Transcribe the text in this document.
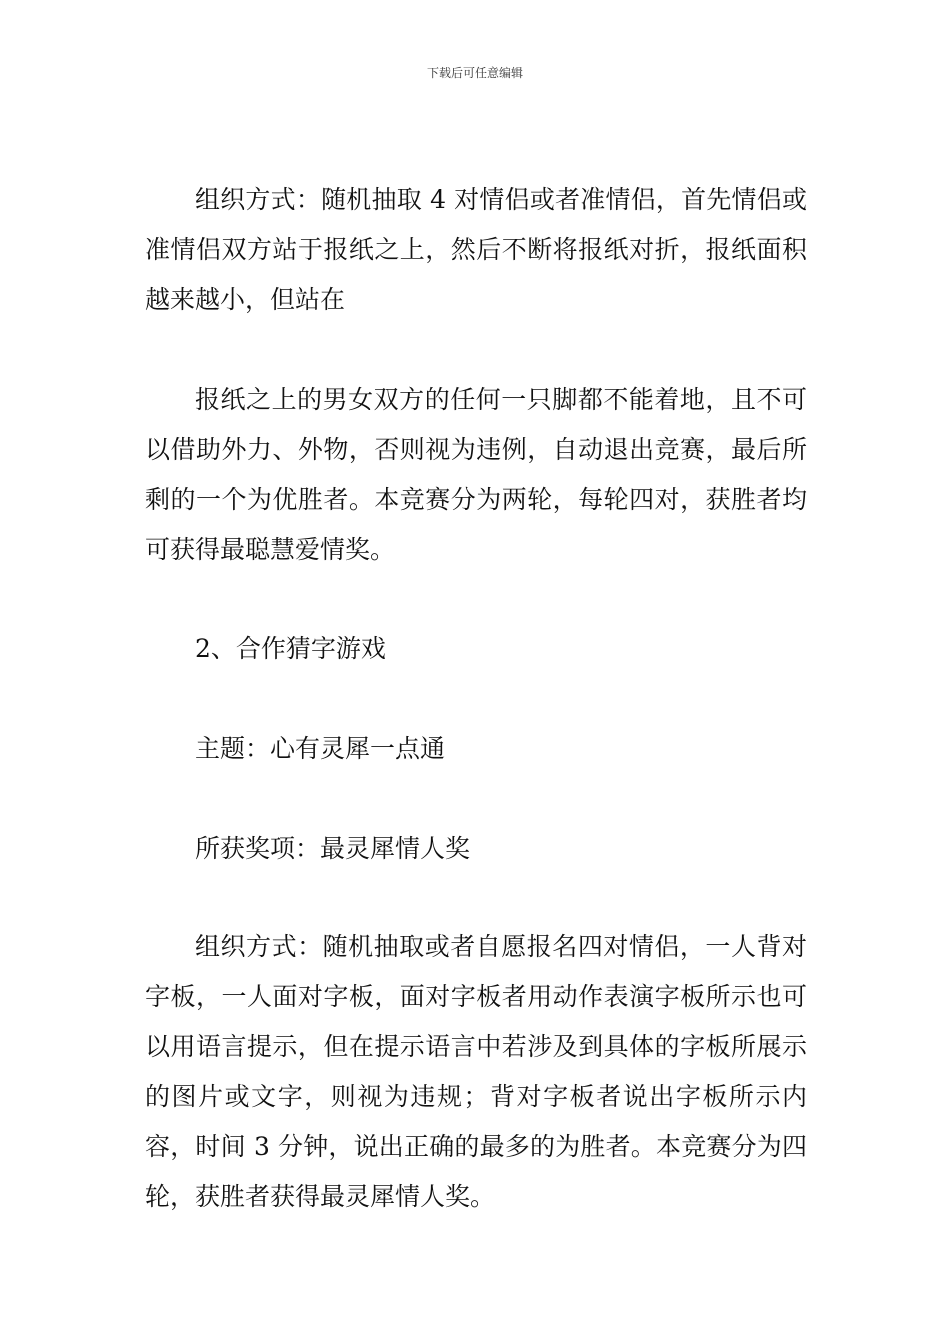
下载后可任意编辑

组织方式：随机抽取 4 对情侣或者准情侣，首先情侣或准情侣双方站于报纸之上，然后不断将报纸对折，报纸面积越来越小，但站在

报纸之上的男女双方的任何一只脚都不能着地，且不可以借助外力、外物，否则视为违例，自动退出竞赛，最后所剩的一个为优胜者。本竞赛分为两轮，每轮四对，获胜者均可获得最聪慧爱情奖。

2、合作猜字游戏

主题：心有灵犀一点通

所获奖项：最灵犀情人奖

组织方式：随机抽取或者自愿报名四对情侣，一人背对字板，一人面对字板，面对字板者用动作表演字板所示也可以用语言提示，但在提示语言中若涉及到具体的字板所展示的图片或文字，则视为违规；背对字板者说出字板所示内容，时间 3 分钟，说出正确的最多的为胜者。本竞赛分为四轮，获胜者获得最灵犀情人奖。
